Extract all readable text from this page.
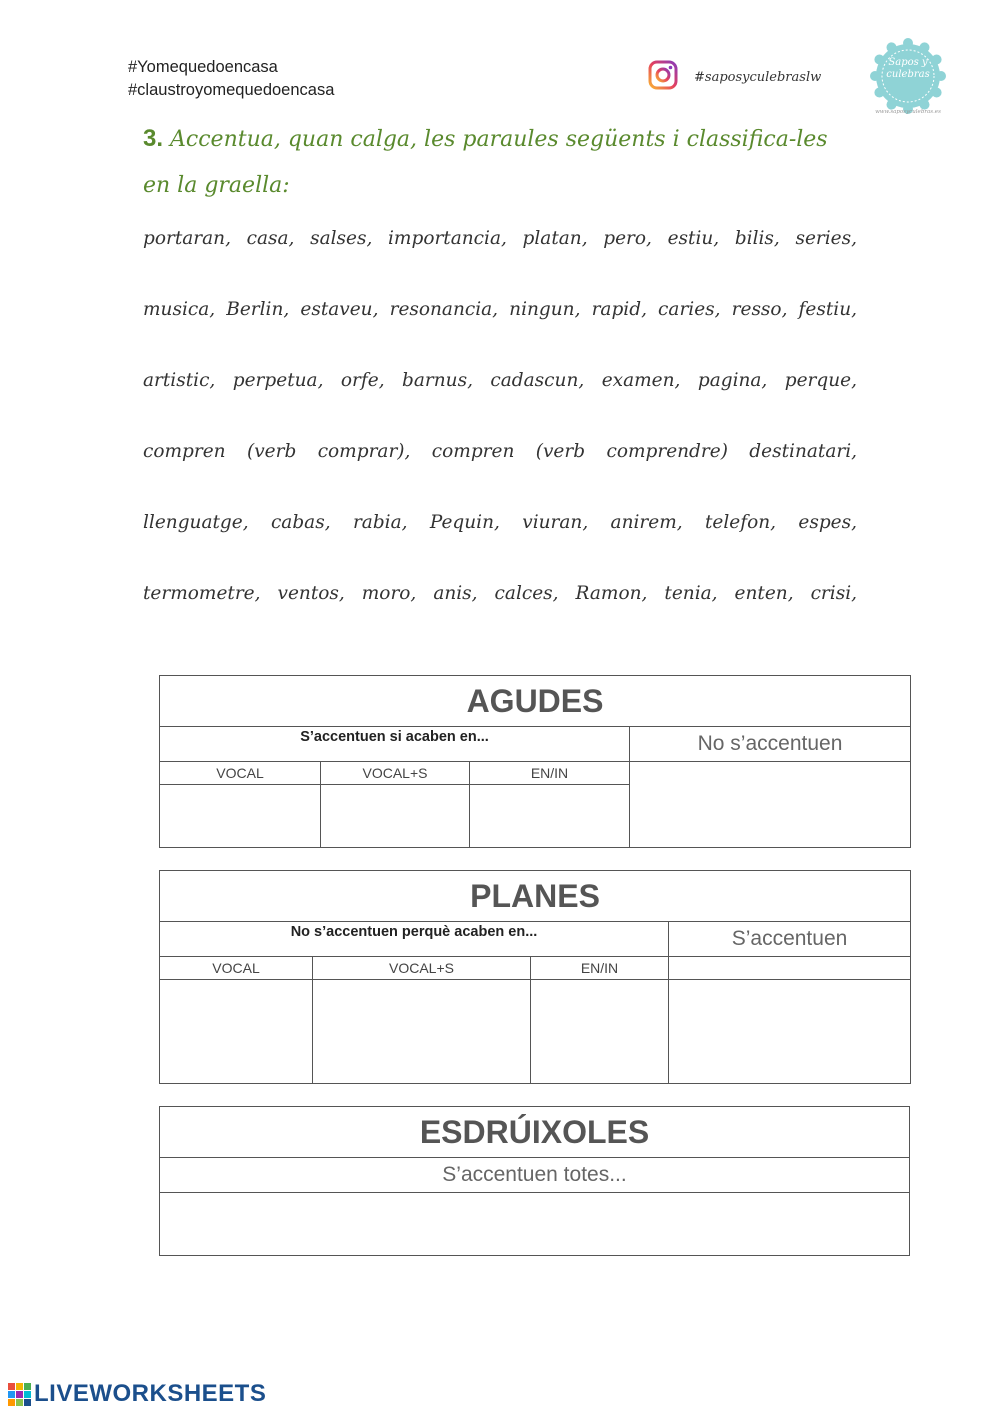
#Yomequedoencasa
#claustroyomequedoencasa
#saposyculebraslw
Sapos y
culebras
www.saposyculebras.es
3. Accentua, quan calga, les paraules següents i classifica-les en la graella:
portaran, casa, salses, importancia, platan, pero, estiu, bilis, series,
musica, Berlin, estaveu, resonancia, ningun, rapid, caries, resso, festiu,
artistic, perpetua, orfe, barnus, cadascun, examen, pagina, perque,
compren (verb comprar), compren (verb comprendre) destinatari,
llenguatge, cabas, rabia, Pequin, viuran, anirem, telefon, espes,
termometre, ventos, moro, anis, calces, Ramon, tenia, enten, crisi,
AGUDES			
S’accentuen si acaben en...			No s’accentuen
VOCAL	VOCAL+S	EN/IN	

PLANES			
No s’accentuen perquè acaben en...			S’accentuen
VOCAL	VOCAL+S	EN/IN	

ESDRÚIXOLES
S’accentuen totes...

LIVEWORKSHEETS
